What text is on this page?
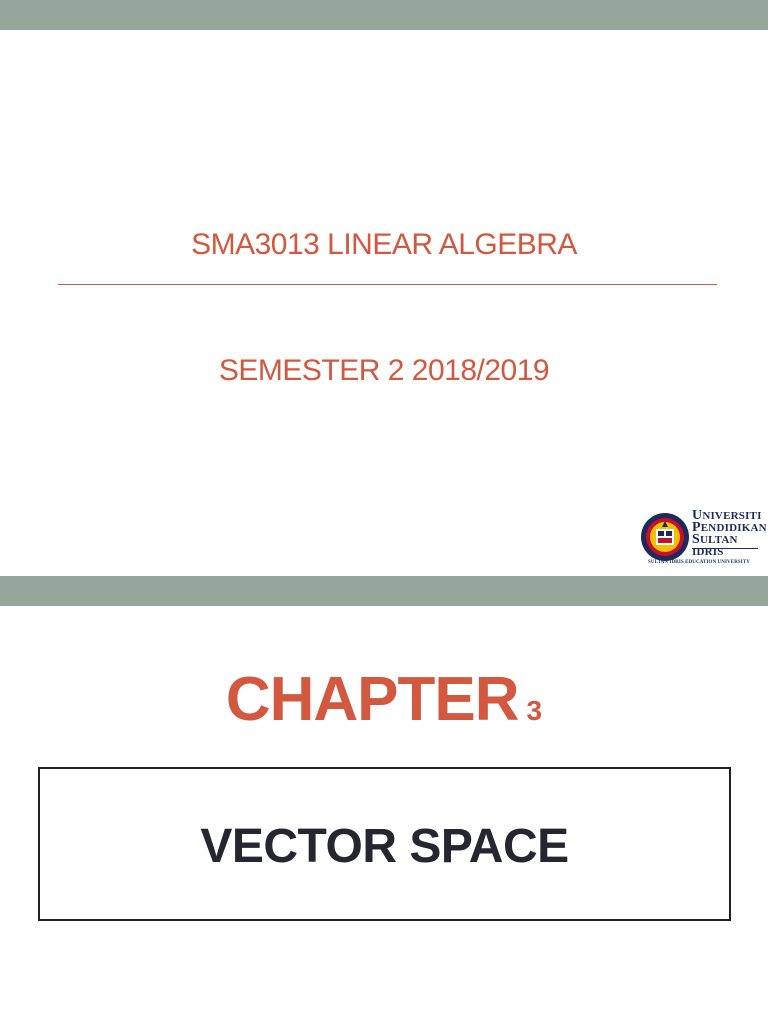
SMA3013 LINEAR ALGEBRA
SEMESTER 2 2018/2019
UNIVERSITI
PENDIDIKAN
SULTAN IDRIS
SULTAN IDRIS EDUCATION UNIVERSITY
CHAPTER 3
VECTOR SPACE
